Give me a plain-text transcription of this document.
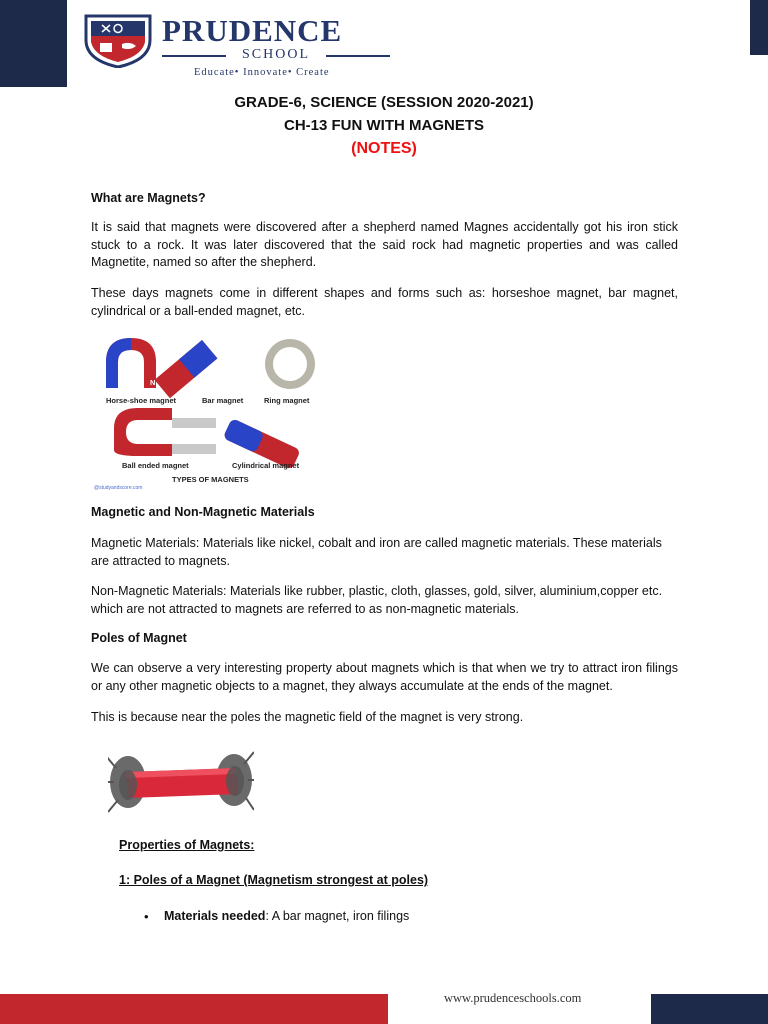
PRUDENCE
SCHOOL
Educate• Innovate• Create
GRADE-6, SCIENCE (SESSION 2020-2021)
CH-13 FUN WITH MAGNETS
(NOTES)
What are Magnets?
It is said that magnets were discovered after a shepherd named Magnes accidentally got his iron stick stuck to a rock. It was later discovered that the said rock had magnetic properties and was called Magnetite, named so after the shepherd.
These days magnets come in different shapes and forms such as: horseshoe magnet, bar magnet, cylindrical or a ball-ended magnet, etc.
S	N
Horse-shoe magnet	Bar magnet	Ring magnet
Ball ended magnet	Cylindrical magnet
TYPES OF MAGNETS
@studyandscore.com
Magnetic and Non-Magnetic Materials
Magnetic Materials: Materials like nickel, cobalt and iron are called magnetic materials. These materials are attracted to magnets.
Non-Magnetic Materials: Materials like rubber, plastic, cloth, glasses, gold, silver, aluminium,copper etc. which are not attracted to magnets are referred to as non-magnetic materials.
Poles of Magnet
We can observe a very interesting property about magnets which is that when we try to attract iron filings or any other magnetic objects to a magnet, they always accumulate at the ends of the magnet.
This is because near the poles the magnetic field of the magnet is very strong.
Properties of Magnets:
1: Poles of a Magnet (Magnetism strongest at poles)
• Materials needed: A bar magnet, iron filings
www.prudenceschools.com
